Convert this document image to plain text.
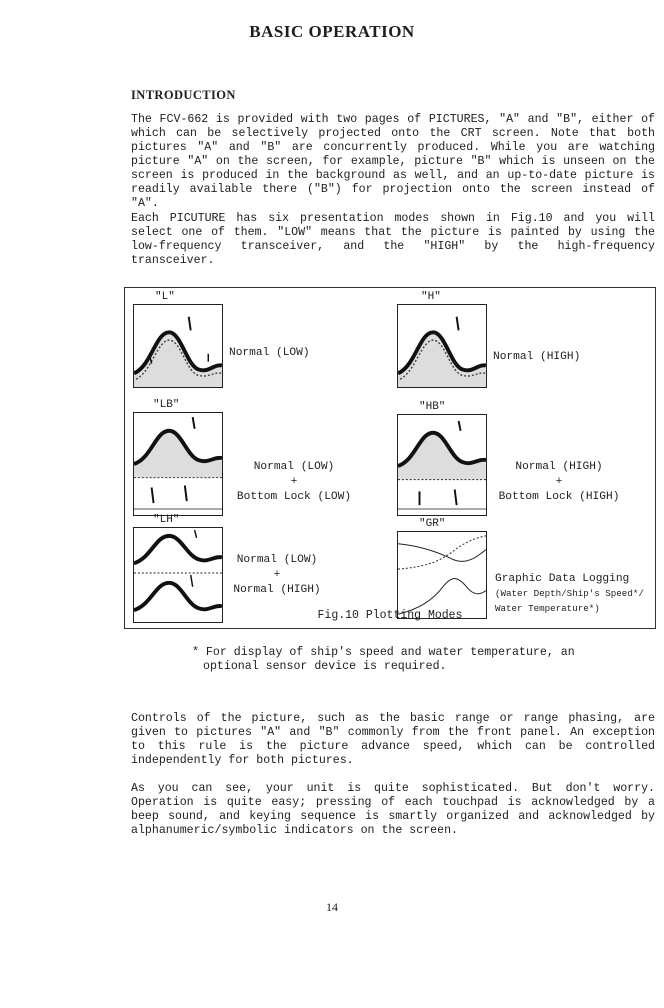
BASIC OPERATION
INTRODUCTION

The FCV-662 is provided with two pages of PICTURES, "A" and "B", either of which can be selectively projected onto the CRT screen. Note that both pictures "A" and "B" are concurrently produced. While you are watching picture "A" on the screen, for example, picture "B" which is unseen on the screen is produced in the background as well, and an up-to-date picture is readily available there ("B") for projection onto the screen instead of "A".

Each PICUTURE has six presentation modes shown in Fig.10 and you will select one of them. "LOW" means that the picture is painted by using the low-frequency transceiver, and the "HIGH" by the high-frequency transceiver.

"L"
Normal (LOW)
"H"
Normal (HIGH)
"LB"
Normal (LOW)
+
Bottom Lock (LOW)
"HB"
Normal (HIGH)
+
Bottom Lock (HIGH)
"LH"
Normal (LOW)
+
Normal (HIGH)
"GR"
Graphic Data Logging
(Water Depth/Ship's Speed*/
Water Temperature*)
Fig.10 Plotting Modes

* For display of ship's speed and water temperature, an optional sensor device is required.

Controls of the picture, such as the basic range or range phasing, are given to pictures "A" and "B" commonly from the front panel. An exception to this rule is the picture advance speed, which can be controlled independently for both pictures.

As you can see, your unit is quite sophisticated. But don't worry. Operation is quite easy; pressing of each touchpad is acknowledged by a beep sound, and keying sequence is smartly organized and acknowledged by alphanumeric/symbolic indicators on the screen.

14
